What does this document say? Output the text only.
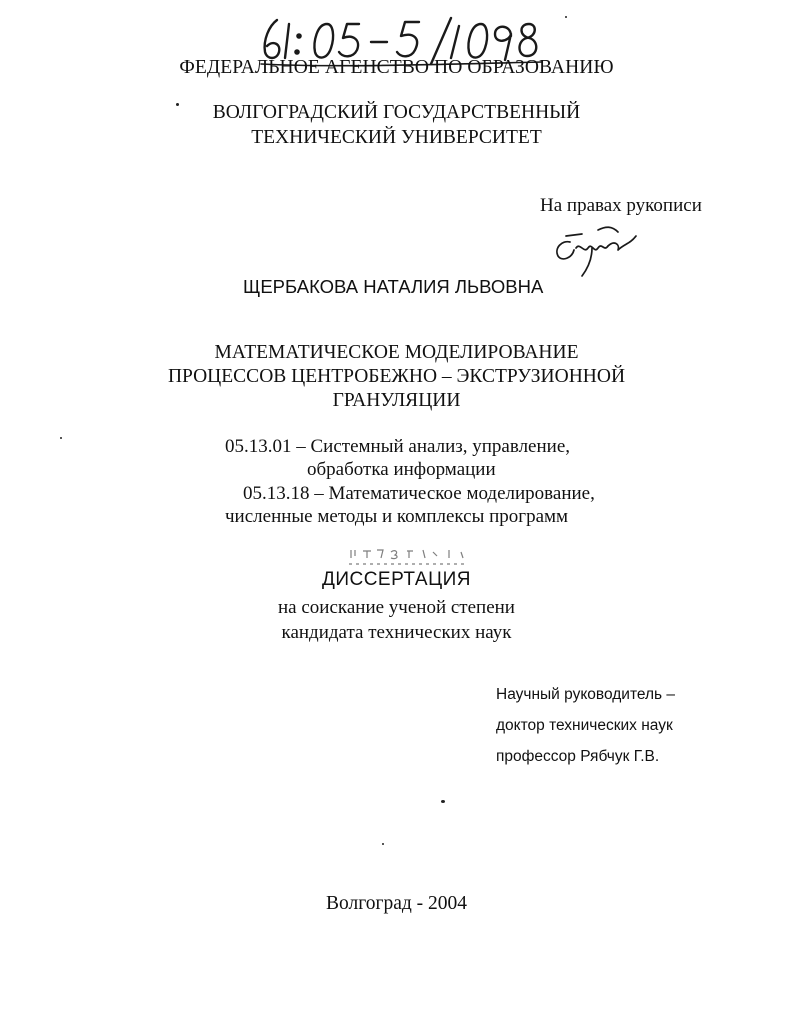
ФЕДЕРАЛЬНОЕ АГЕНСТВО ПО ОБРАЗОВАНИЮ
ВОЛГОГРАДСКИЙ ГОСУДАРСТВЕННЫЙ
ТЕХНИЧЕСКИЙ УНИВЕРСИТЕТ
На правах рукописи
ЩЕРБАКОВА НАТАЛИЯ ЛЬВОВНА
МАТЕМАТИЧЕСКОЕ МОДЕЛИРОВАНИЕ
ПРОЦЕССОВ ЦЕНТРОБЕЖНО – ЭКСТРУЗИОННОЙ
ГРАНУЛЯЦИИ
05.13.01 – Системный анализ, управление,
обработка информации
05.13.18 – Математическое моделирование,
численные методы и комплексы программ
ДИССЕРТАЦИЯ
на соискание ученой степени
кандидата технических наук
Научный руководитель –
доктор технических наук
профессор Рябчук Г.В.
Волгоград - 2004
